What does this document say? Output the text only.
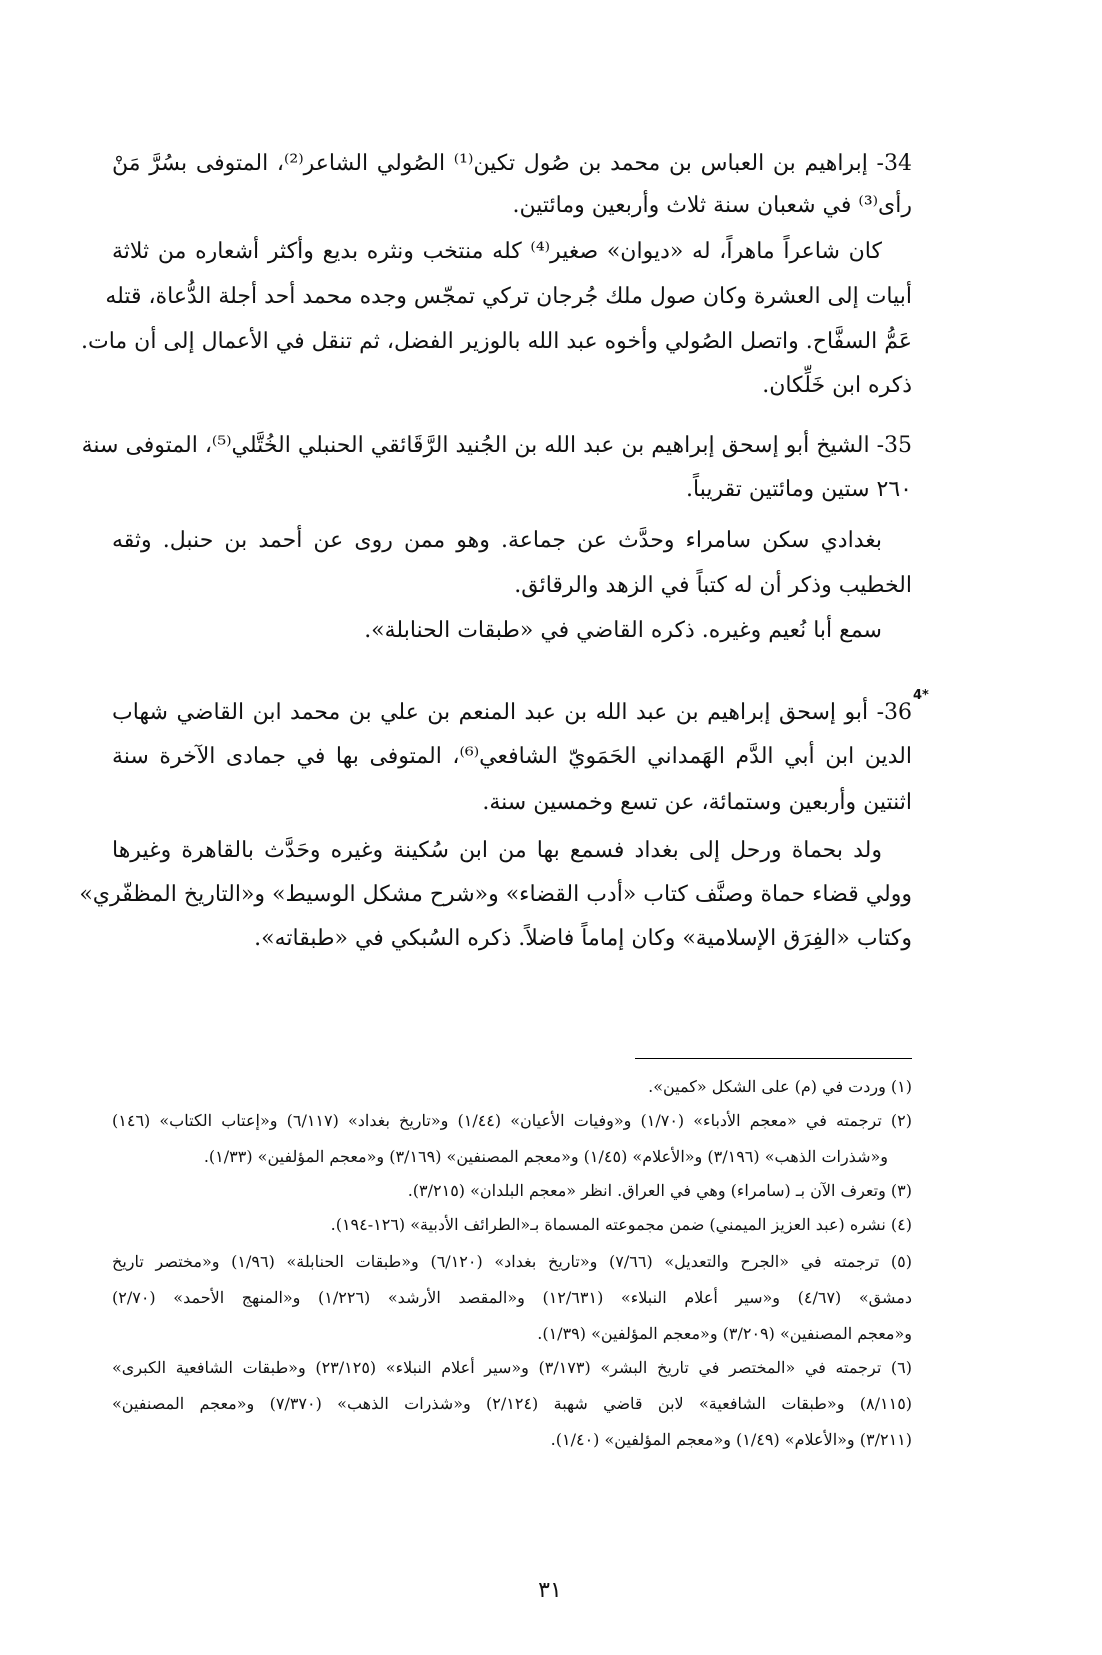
34- إبراهيم بن العباس بن محمد بن صُول تكين⁽¹⁾ الصُولي الشاعر⁽²⁾، المتوفى بسُرَّ مَنْ
رأى⁽³⁾ في شعبان سنة ثلاث وأربعين ومائتين.
كان شاعراً ماهراً، له «ديوان» صغير⁽⁴⁾ كله منتخب ونثره بديع وأكثر أشعاره من ثلاثة
أبيات إلى العشرة وكان صول ملك جُرجان تركي تمجّس وجده محمد أحد أجلة الدُّعاة، قتله
عَمُّ السفَّاح. واتصل الصُولي وأخوه عبد الله بالوزير الفضل، ثم تنقل في الأعمال إلى أن مات.
ذكره ابن خَلِّكان.
35- الشيخ أبو إسحق إبراهيم بن عبد الله بن الجُنيد الرَّقَائقي الحنبلي الخُتَّلي⁽⁵⁾، المتوفى سنة
٢٦٠ ستين ومائتين تقريباً.
بغدادي سكن سامراء وحدَّث عن جماعة. وهو ممن روى عن أحمد بن حنبل. وثقه
الخطيب وذكر أن له كتباً في الزهد والرقائق.
سمع أبا نُعيم وغيره. ذكره القاضي في «طبقات الحنابلة».
4*
36- أبو إسحق إبراهيم بن عبد الله بن عبد المنعم بن علي بن محمد ابن القاضي شهاب
الدين ابن أبي الدَّم الهَمداني الحَمَويّ الشافعي⁽⁶⁾، المتوفى بها في جمادى الآخرة سنة
اثنتين وأربعين وستمائة، عن تسع وخمسين سنة.
ولد بحماة ورحل إلى بغداد فسمع بها من ابن سُكينة وغيره وحَدَّث بالقاهرة وغيرها
وولي قضاء حماة وصنَّف كتاب «أدب القضاء» و«شرح مشكل الوسيط» و«التاريخ المظفّري»
وكتاب «الفِرَق الإسلامية» وكان إماماً فاضلاً. ذكره السُبكي في «طبقاته».
(١) وردت في (م) على الشكل «كمين».
(٢) ترجمته في «معجم الأدباء» (١/٧٠) و«وفيات الأعيان» (١/٤٤) و«تاريخ بغداد» (٦/١١٧) و«إعتاب الكتاب» (١٤٦)
و«شذرات الذهب» (٣/١٩٦) و«الأعلام» (١/٤٥) و«معجم المصنفين» (٣/١٦٩) و«معجم المؤلفين» (١/٣٣).
(٣) وتعرف الآن بـ (سامراء) وهي في العراق. انظر «معجم البلدان» (٣/٢١٥).
(٤) نشره (عبد العزيز الميمني) ضمن مجموعته المسماة بـ«الطرائف الأدبية» (١٢٦-١٩٤).
(٥) ترجمته في «الجرح والتعديل» (٧/٦٦) و«تاريخ بغداد» (٦/١٢٠) و«طبقات الحنابلة» (١/٩٦) و«مختصر تاريخ
دمشق» (٤/٦٧) و«سير أعلام النبلاء» (١٢/٦٣١) و«المقصد الأرشد» (١/٢٢٦) و«المنهج الأحمد» (٢/٧٠)
و«معجم المصنفين» (٣/٢٠٩) و«معجم المؤلفين» (١/٣٩).
(٦) ترجمته في «المختصر في تاريخ البشر» (٣/١٧٣) و«سير أعلام النبلاء» (٢٣/١٢٥) و«طبقات الشافعية الكبرى»
(٨/١١٥) و«طبقات الشافعية» لابن قاضي شهبة (٢/١٢٤) و«شذرات الذهب» (٧/٣٧٠) و«معجم المصنفين»
(٣/٢١١) و«الأعلام» (١/٤٩) و«معجم المؤلفين» (١/٤٠).
٣١
